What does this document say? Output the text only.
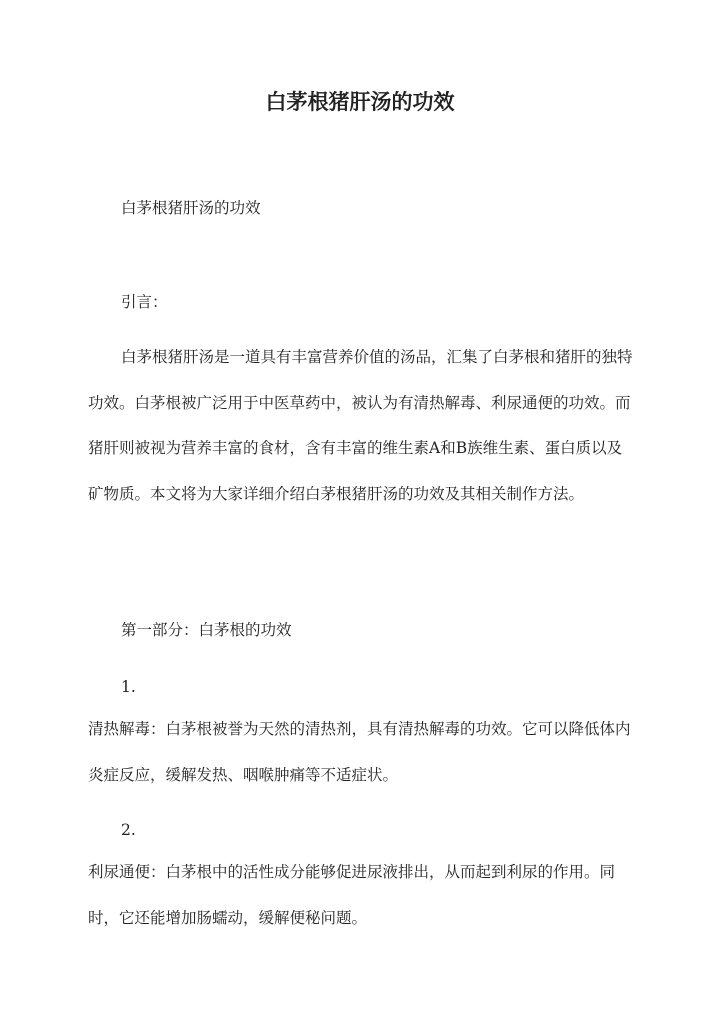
白茅根猪肝汤的功效

白茅根猪肝汤的功效

引言：

白茅根猪肝汤是一道具有丰富营养价值的汤品，汇集了白茅根和猪肝的独特功效。白茅根被广泛用于中医草药中，被认为有清热解毒、利尿通便的功效。而猪肝则被视为营养丰富的食材，含有丰富的维生素A和B族维生素、蛋白质以及矿物质。本文将为大家详细介绍白茅根猪肝汤的功效及其相关制作方法。

第一部分：白茅根的功效

1.

清热解毒：白茅根被誉为天然的清热剂，具有清热解毒的功效。它可以降低体内炎症反应，缓解发热、咽喉肿痛等不适症状。

2.

利尿通便：白茅根中的活性成分能够促进尿液排出，从而起到利尿的作用。同时，它还能增加肠蠕动，缓解便秘问题。
